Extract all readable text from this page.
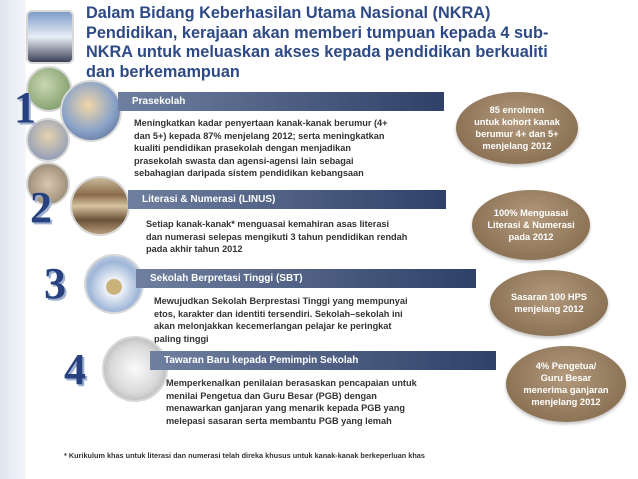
Dalam Bidang Keberhasilan Utama Nasional (NKRA)
Pendidikan, kerajaan akan memberi tumpuan kepada 4 sub-
NKRA untuk meluaskan akses kepada pendidikan berkualiti
dan berkemampuan
1	Prasekolah
Meningkatkan kadar penyertaan kanak-kanak berumur (4+
dan 5+) kepada 87% menjelang 2012; serta meningkatkan
kualiti pendidikan prasekolah dengan menjadikan
prasekolah swasta dan agensi-agensi lain sebagai
sebahagian daripada sistem pendidikan kebangsaan
85 enrolmen
untuk kohort kanak
berumur 4+ dan 5+
menjelang 2012
2	Literasi & Numerasi (LINUS)
Setiap kanak-kanak* menguasai kemahiran asas literasi
dan numerasi selepas mengikuti 3 tahun pendidikan rendah
pada akhir tahun 2012
100% Menguasai
Literasi & Numerasi
pada 2012
3	Sekolah Berpretasi Tinggi (SBT)
Mewujudkan Sekolah Berprestasi Tinggi yang mempunyai
etos, karakter dan identiti tersendiri. Sekolah–sekolah ini
akan melonjakkan kecemerlangan pelajar ke peringkat
paling tinggi
Sasaran 100 HPS
menjelang 2012
4	Tawaran Baru kepada Pemimpin Sekolah
Memperkenalkan penilaian berasaskan pencapaian untuk
menilai Pengetua dan Guru Besar (PGB) dengan
menawarkan ganjaran yang menarik kepada PGB yang
melepasi sasaran serta membantu PGB yang lemah
4% Pengetua/
Guru Besar
menerima ganjaran
menjelang 2012
* Kurikulum khas untuk literasi dan numerasi telah direka khusus untuk kanak-kanak berkeperluan khas
